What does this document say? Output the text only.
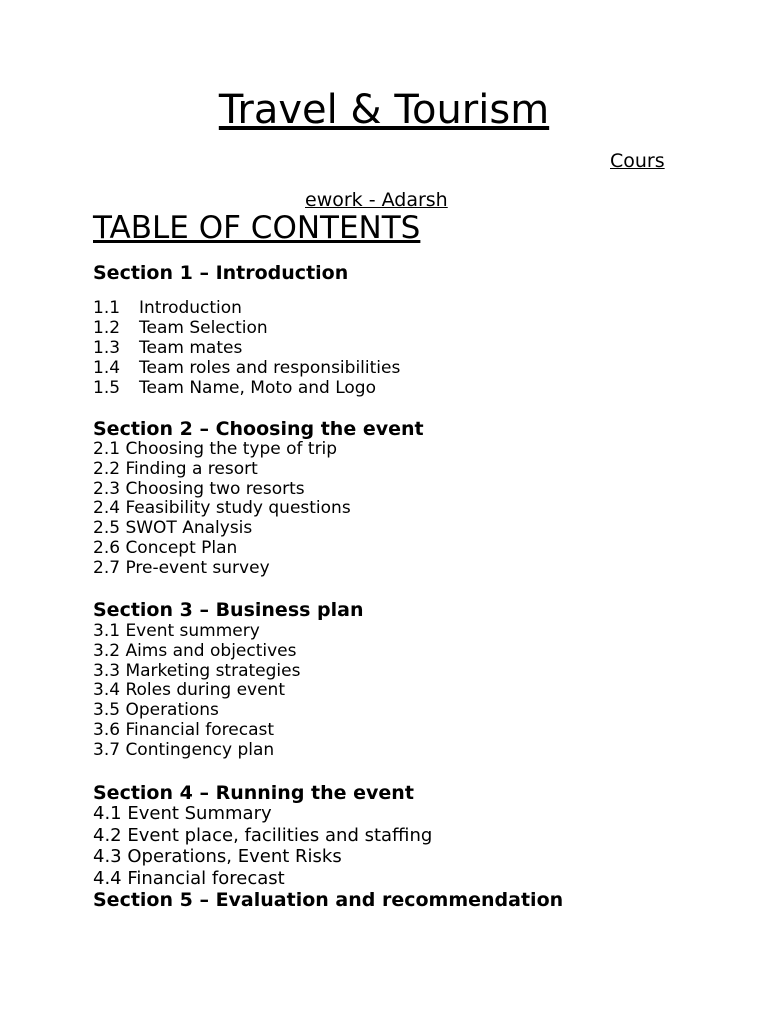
Travel & Tourism
Cours
ework - Adarsh
TABLE OF CONTENTS
Section 1 – Introduction
1.1 Introduction
1.2 Team Selection
1.3 Team mates
1.4 Team roles and responsibilities
1.5 Team Name, Moto and Logo
Section 2 – Choosing the event
2.1 Choosing the type of trip
2.2 Finding a resort
2.3 Choosing two resorts
2.4 Feasibility study questions
2.5 SWOT Analysis
2.6 Concept Plan
2.7 Pre-event survey
Section 3 – Business plan
3.1 Event summery
3.2 Aims and objectives
3.3 Marketing strategies
3.4 Roles during event
3.5 Operations
3.6 Financial forecast
3.7 Contingency plan
Section 4 – Running the event
4.1 Event Summary
4.2 Event place, facilities and staffing
4.3 Operations, Event Risks
4.4 Financial forecast
Section 5 – Evaluation and recommendation
